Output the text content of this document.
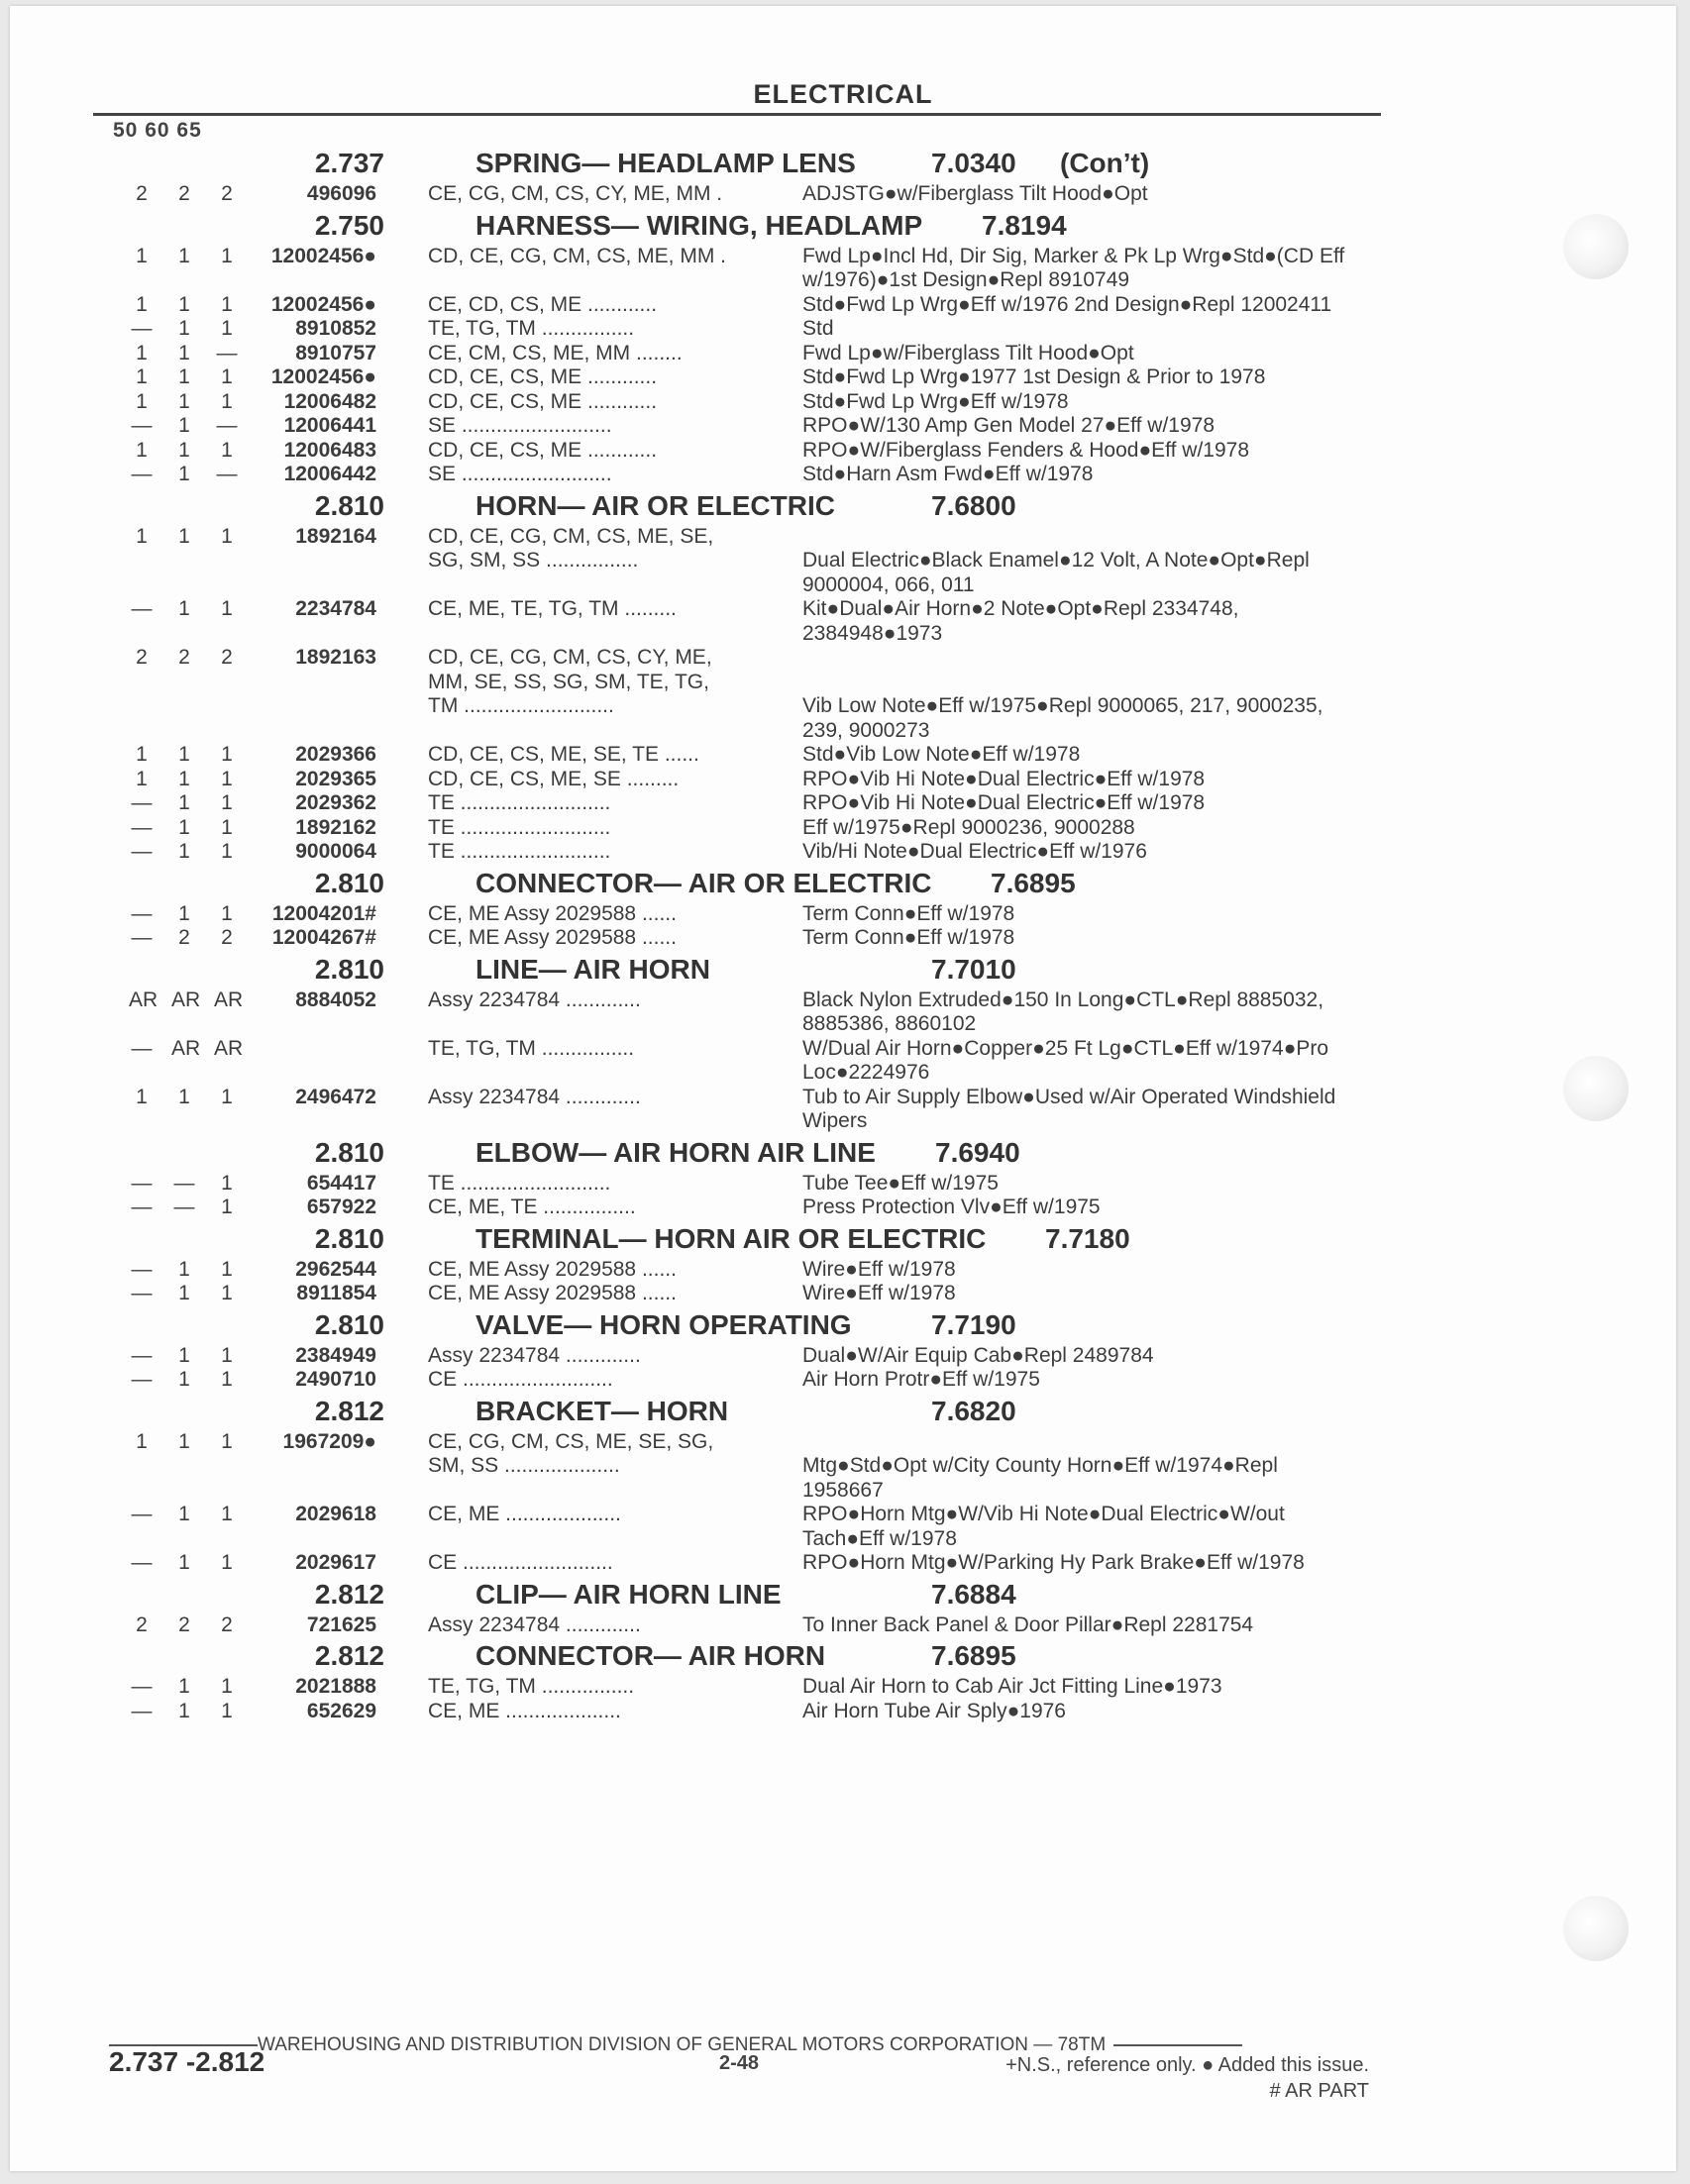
ELECTRICAL
50 60 65
2.737	SPRING— HEADLAMP LENS	7.0340 (Con’t)
2	2	2	496096 CE, CG, CM, CS, CY, ME, MM .	ADJSTG●w/Fiberglass Tilt Hood●Opt
2.750	HARNESS— WIRING, HEADLAMP 7.8194
1	1	1	12002456● CD, CE, CG, CM, CS, ME, MM .	Fwd Lp●Incl Hd, Dir Sig, Marker & Pk Lp Wrg●Std●(CD Eff w/1976)●1st Design●Repl 8910749
1	1	1	12002456● CE, CD, CS, ME ............	Std●Fwd Lp Wrg●Eff w/1976 2nd Design●Repl 12002411
—	1	1	8910852 TE, TG, TM ................	Std
1	1	—	8910757 CE, CM, CS, ME, MM ........	Fwd Lp●w/Fiberglass Tilt Hood●Opt
1	1	1	12002456● CD, CE, CS, ME ............	Std●Fwd Lp Wrg●1977 1st Design & Prior to 1978
1	1	1	12006482 CD, CE, CS, ME ............	Std●Fwd Lp Wrg●Eff w/1978
—	1	—	12006441 SE ..........................	RPO●W/130 Amp Gen Model 27●Eff w/1978
1	1	1	12006483 CD, CE, CS, ME ............	RPO●W/Fiberglass Fenders & Hood●Eff w/1978
—	1	—	12006442 SE ..........................	Std●Harn Asm Fwd●Eff w/1978
2.810	HORN— AIR OR ELECTRIC	7.6800
1	1	1	1892164 CD, CE, CG, CM, CS, ME, SE,
SG, SM, SS ................	Dual Electric●Black Enamel●12 Volt, A Note●Opt●Repl 9000004, 066, 011
—	1	1	2234784 CE, ME, TE, TG, TM .........	Kit●Dual●Air Horn●2 Note●Opt●Repl 2334748, 2384948●1973
2	2	2	1892163 CD, CE, CG, CM, CS, CY, ME,
MM, SE, SS, SG, SM, TE, TG,
TM ..........................	Vib Low Note●Eff w/1975●Repl 9000065, 217, 9000235, 239, 9000273
1	1	1	2029366 CD, CE, CS, ME, SE, TE ......	Std●Vib Low Note●Eff w/1978
1	1	1	2029365 CD, CE, CS, ME, SE .........	RPO●Vib Hi Note●Dual Electric●Eff w/1978
—	1	1	2029362 TE ..........................	RPO●Vib Hi Note●Dual Electric●Eff w/1978
—	1	1	1892162 TE ..........................	Eff w/1975●Repl 9000236, 9000288
—	1	1	9000064 TE ..........................	Vib/Hi Note●Dual Electric●Eff w/1976
2.810	CONNECTOR— AIR OR ELECTRIC 7.6895
—	1	1	12004201# CE, ME Assy 2029588 ......	Term Conn●Eff w/1978
—	2	2	12004267# CE, ME Assy 2029588 ......	Term Conn●Eff w/1978
2.810	LINE— AIR HORN	7.7010
AR AR AR	8884052 Assy 2234784 .............	Black Nylon Extruded●150 In Long●CTL●Repl 8885032, 8885386, 8860102
— AR AR	TE, TG, TM ................	W/Dual Air Horn●Copper●25 Ft Lg●CTL●Eff w/1974●Pro Loc●2224976
1	1	1	2496472 Assy 2234784 .............	Tub to Air Supply Elbow●Used w/Air Operated Windshield Wipers
2.810	ELBOW— AIR HORN AIR LINE 7.6940
— —	1	654417 TE ..........................	Tube Tee●Eff w/1975
— —	1	657922 CE, ME, TE ................	Press Protection Vlv●Eff w/1975
2.810	TERMINAL— HORN AIR OR ELECTRIC 7.7180
—	1	1	2962544 CE, ME Assy 2029588 ......	Wire●Eff w/1978
—	1	1	8911854 CE, ME Assy 2029588 ......	Wire●Eff w/1978
2.810	VALVE— HORN OPERATING	7.7190
—	1	1	2384949 Assy 2234784 .............	Dual●W/Air Equip Cab●Repl 2489784
—	1	1	2490710 CE ..........................	Air Horn Protr●Eff w/1975
2.812	BRACKET— HORN	7.6820
1	1	1	1967209● CE, CG, CM, CS, ME, SE, SG,
SM, SS ....................	Mtg●Std●Opt w/City County Horn●Eff w/1974●Repl 1958667
—	1	1	2029618 CE, ME ....................	RPO●Horn Mtg●W/Vib Hi Note●Dual Electric●W/out Tach●Eff w/1978
—	1	1	2029617 CE ..........................	RPO●Horn Mtg●W/Parking Hy Park Brake●Eff w/1978
2.812	CLIP— AIR HORN LINE	7.6884
2	2	2	721625 Assy 2234784 .............	To Inner Back Panel & Door Pillar●Repl 2281754
2.812	CONNECTOR— AIR HORN	7.6895
—	1	1	2021888 TE, TG, TM ................	Dual Air Horn to Cab Air Jct Fitting Line●1973
—	1	1	652629 CE, ME ....................	Air Horn Tube Air Sply●1976
WAREHOUSING AND DISTRIBUTION DIVISION OF GENERAL MOTORS CORPORATION — 78TM
2.737 -2.812	2-48	+N.S., reference only. ● Added this issue.
# AR PART
